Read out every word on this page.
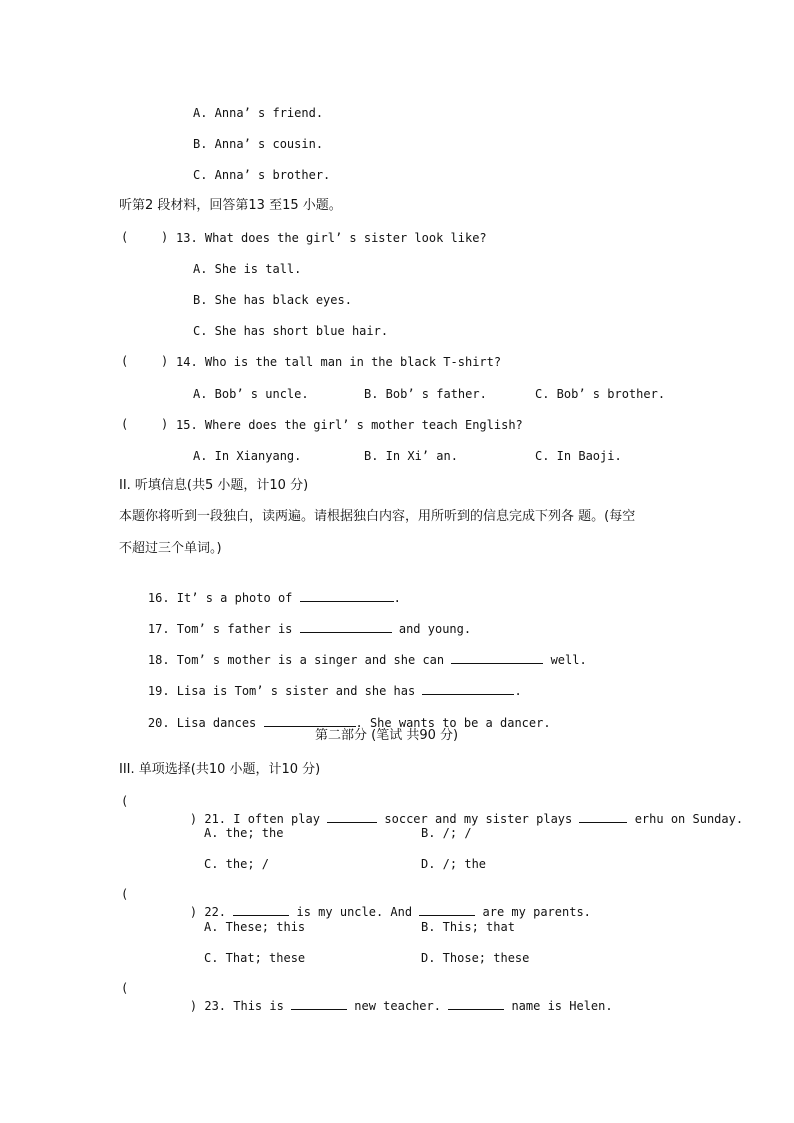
A. Anna’ s friend.
B. Anna’ s cousin.
C. Anna’ s brother.
听第2 段材料，回答第13 至15 小题。
(	) 13. What does the girl’ s sister look like?
A. She is tall.
B. She has black eyes.
C. She has short blue hair.
(	) 14. Who is the tall man in the black T-shirt?
A. Bob’ s uncle.	B. Bob’ s father.	C. Bob’ s brother.
(	) 15. Where does the girl’ s mother teach English?
A. In Xianyang.	B. In Xi’ an.	C. In Baoji.
II. 听填信息(共5 小题，计10 分)
本题你将听到一段独白，读两遍。请根据独白内容，用所听到的信息完成下列各 题。(每空
不超过三个单词。)

16. It’ s a photo of	.

17. Tom’ s father is	and young.

18. Tom’ s mother is a singer and she can	well.

19. Lisa is Tom’ s sister and she has	.

20. Lisa dances	. She wants to be a dancer.

第二部分 (笔试 共90 分)
III. 单项选择(共10 小题，计10 分)
(

) 21. I often play	soccer and my sister plays	erhu on Sunday.

A. the; the	B. /; /
C. the; /	D. /; the
(

) 22.	is my uncle. And	are my parents.

A. These; this	B. This; that
C. That; these	D. Those; these
(

) 23. This is	new teacher.	name is Helen.
